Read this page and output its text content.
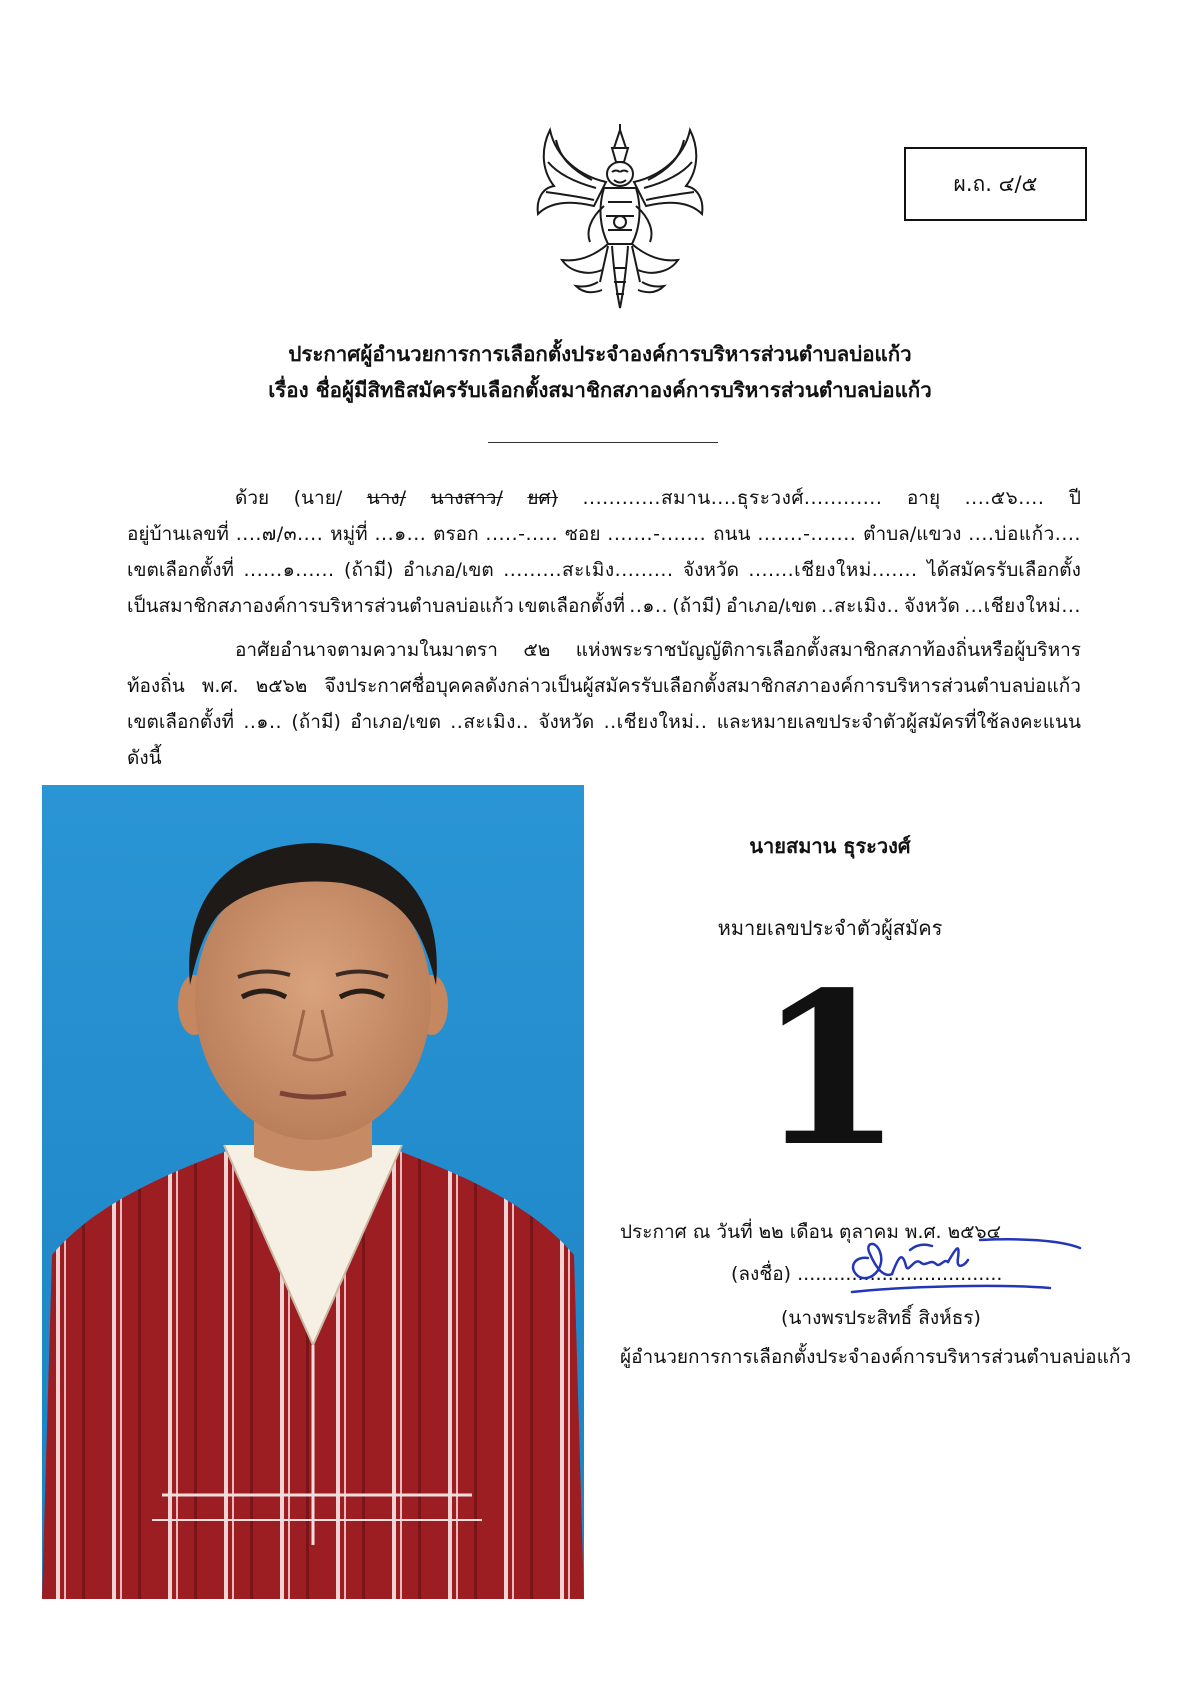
ผ.ถ. ๔/๕
ประกาศผู้อำนวยการการเลือกตั้งประจำองค์การบริหารส่วนตำบลบ่อแก้ว
เรื่อง ชื่อผู้มีสิทธิสมัครรับเลือกตั้งสมาชิกสภาองค์การบริหารส่วนตำบลบ่อแก้ว
ด้วย (นาย/ นาง/ นางสาว/ ยศ) ............สมาน....ธุระวงศ์............ อายุ ....๕๖.... ปี
อยู่บ้านเลขที่ ....๗/๓.... หมู่ที่ ...๑... ตรอก .....-..... ซอย .......-....... ถนน .......-....... ตำบล/แขวง ....บ่อแก้ว....
เขตเลือกตั้งที่ ......๑...... (ถ้ามี) อำเภอ/เขต .........สะเมิง......... จังหวัด .......เชียงใหม่....... ได้สมัครรับเลือกตั้ง
เป็นสมาชิกสภาองค์การบริหารส่วนตำบลบ่อแก้ว เขตเลือกตั้งที่ ..๑.. (ถ้ามี) อำเภอ/เขต ..สะเมิง.. จังหวัด ...เชียงใหม่...
อาศัยอำนาจตามความในมาตรา ๕๒ แห่งพระราชบัญญัติการเลือกตั้งสมาชิกสภาท้องถิ่นหรือผู้บริหาร
ท้องถิ่น พ.ศ. ๒๕๖๒ จึงประกาศชื่อบุคคลดังกล่าวเป็นผู้สมัครรับเลือกตั้งสมาชิกสภาองค์การบริหารส่วนตำบลบ่อแก้ว
เขตเลือกตั้งที่ ..๑.. (ถ้ามี) อำเภอ/เขต ..สะเมิง.. จังหวัด ..เชียงใหม่.. และหมายเลขประจำตัวผู้สมัครที่ใช้ลงคะแนน
ดังนี้
นายสมาน ธุระวงศ์
หมายเลขประจำตัวผู้สมัคร
1
ประกาศ ณ วันที่ ๒๒ เดือน ตุลาคม พ.ศ. ๒๕๖๔
(ลงชื่อ) ..................................
(นางพรประสิทธิ์ สิงห์ธร)
ผู้อำนวยการการเลือกตั้งประจำองค์การบริหารส่วนตำบลบ่อแก้ว
